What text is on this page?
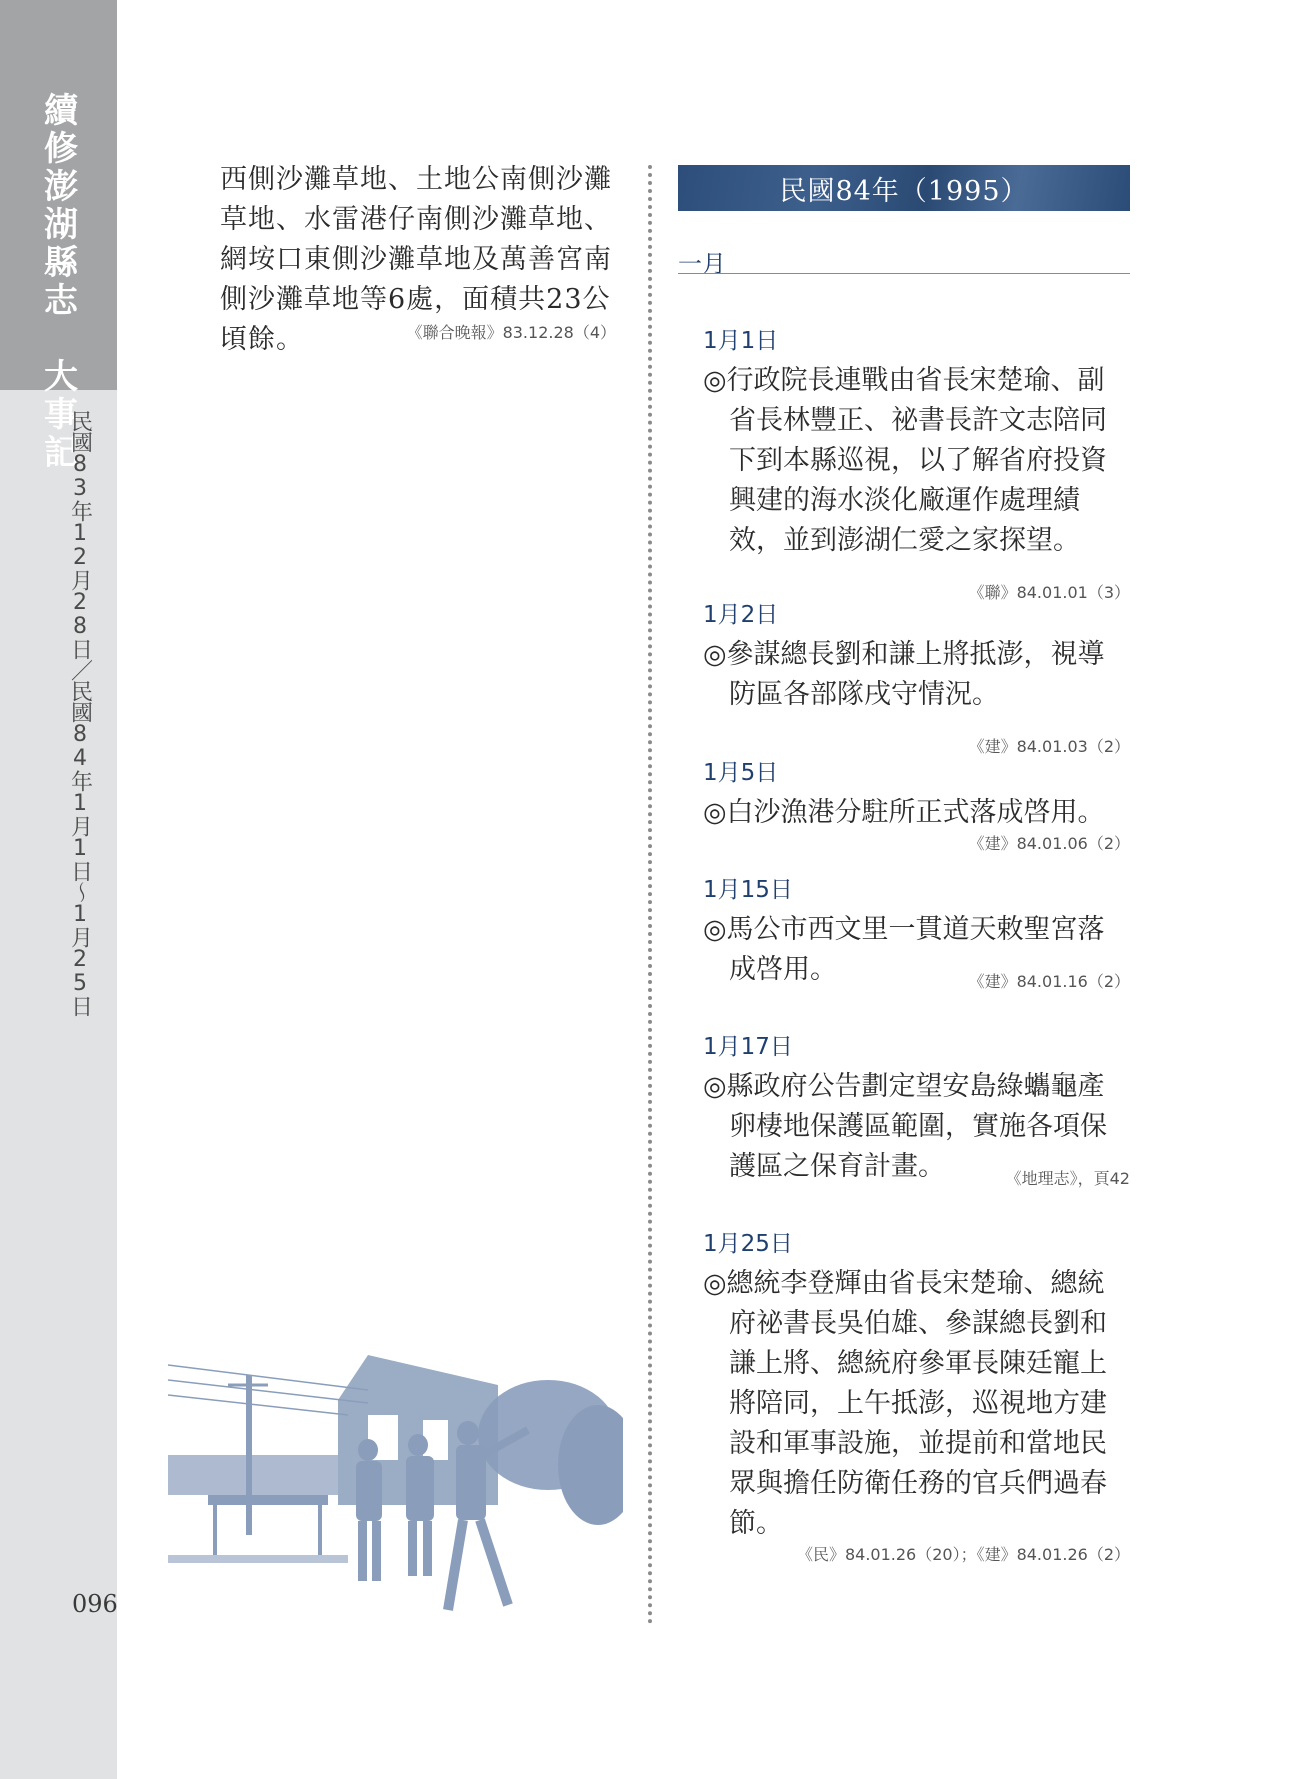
續修澎湖縣志　大事記
民國83年12月28日／民國84年1月1日〜1月25日
096

西側沙灘草地、土地公南側沙灘草地、水雷港仔南側沙灘草地、網垵口東側沙灘草地及萬善宮南側沙灘草地等6處，面積共23公頃餘。	《聯合晚報》83.12.28（4）
民國84年（1995）
一月
1月1日

◎行政院長連戰由省長宋楚瑜、副省長林豐正、祕書長許文志陪同下到本縣巡視，以了解省府投資興建的海水淡化廠運作處理績效，並到澎湖仁愛之家探望。
《聯》84.01.01（3）

1月2日

◎參謀總長劉和謙上將抵澎，視導防區各部隊戌守情況。
《建》84.01.03（2）

1月5日

◎白沙漁港分駐所正式落成啓用。

《建》84.01.06（2）
1月15日

◎馬公市西文里一貫道天敕聖宮落成啓用。	《建》84.01.16（2）

1月17日

◎縣政府公告劃定望安島綠蠵龜產卵棲地保護區範圍，實施各項保護區之保育計畫。	《地理志》，頁42

1月25日

◎總統李登輝由省長宋楚瑜、總統府祕書長吳伯雄、參謀總長劉和謙上將、總統府參軍長陳廷寵上將陪同，上午抵澎，巡視地方建設和軍事設施，並提前和當地民眾與擔任防衛任務的官兵們過春節。

《民》84.01.26（20）；《建》84.01.26（2）
